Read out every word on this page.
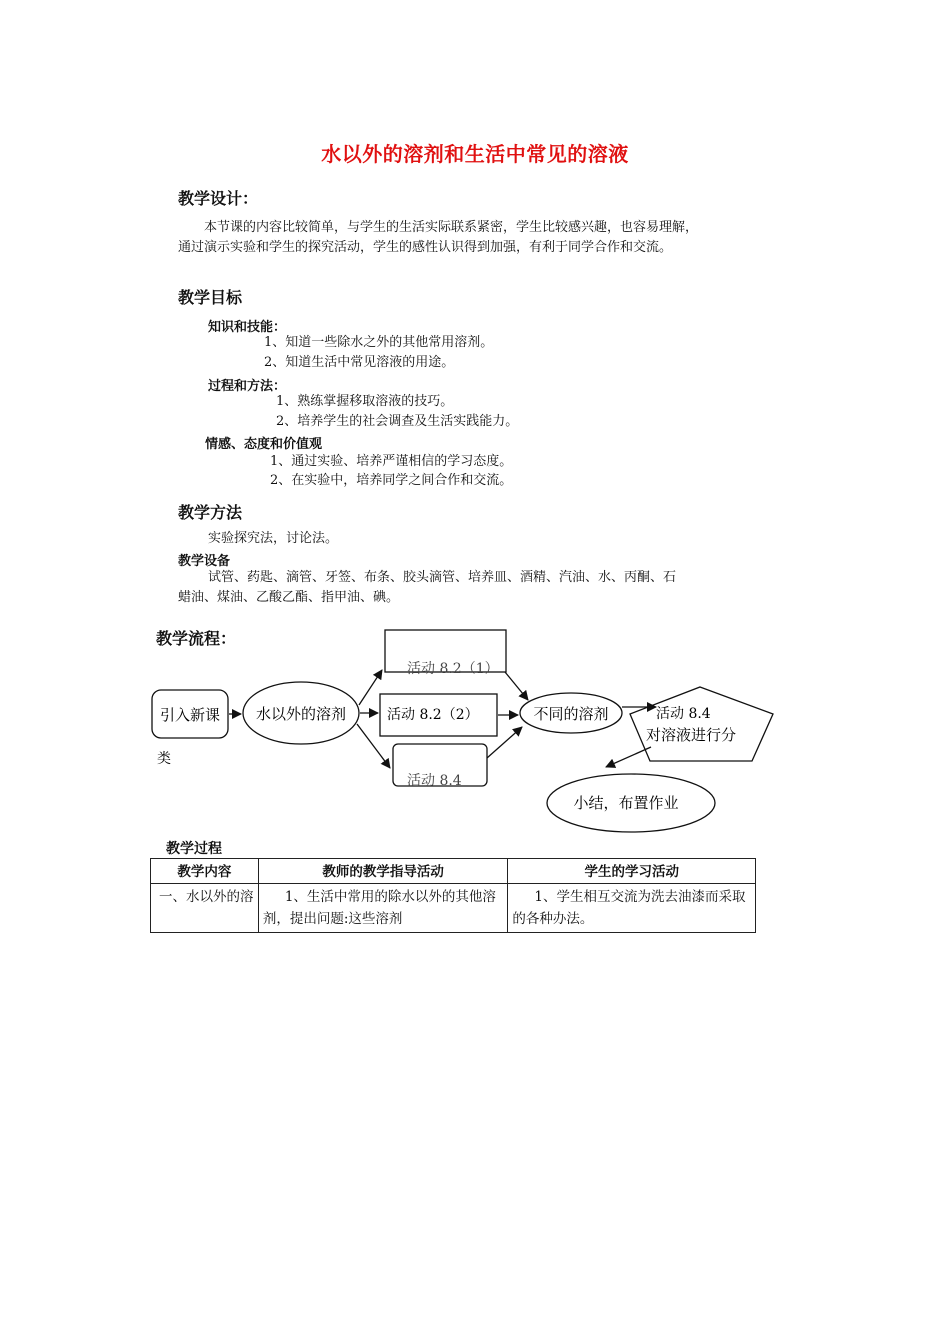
水以外的溶剂和生活中常见的溶液
教学设计：
本节课的内容比较简单，与学生的生活实际联系紧密，学生比较感兴趣，也容易理解，通过演示实验和学生的探究活动，学生的感性认识得到加强，有利于同学合作和交流。
教学目标
知识和技能：
1、知道一些除水之外的其他常用溶剂。
2、知道生活中常见溶液的用途。
过程和方法：
1、熟练掌握移取溶液的技巧。
2、培养学生的社会调查及生活实践能力。
情感、态度和价值观
1、通过实验、培养严谨相信的学习态度。
2、在实验中，培养同学之间合作和交流。
教学方法
实验探究法，讨论法。
教学设备
试管、药匙、滴管、牙签、布条、胶头滴管、培养皿、酒精、汽油、水、丙酮、石蜡油、煤油、乙酸乙酯、指甲油、碘。
教学流程：
引入新课
类
水以外的溶剂
活动 8.2（1）
活动 8.2（2）
活动 8.4
不同的溶剂	活动 8.4
对溶液进行分
小结，布置作业
教学过程
教学内容	教师的教学指导活动	学生的学习活动
一、水以外的溶	1、生活中常用的除水以外的其他溶剂，提出问题:这些溶剂	1、学生相互交流为洗去油漆而采取的各种办法。
